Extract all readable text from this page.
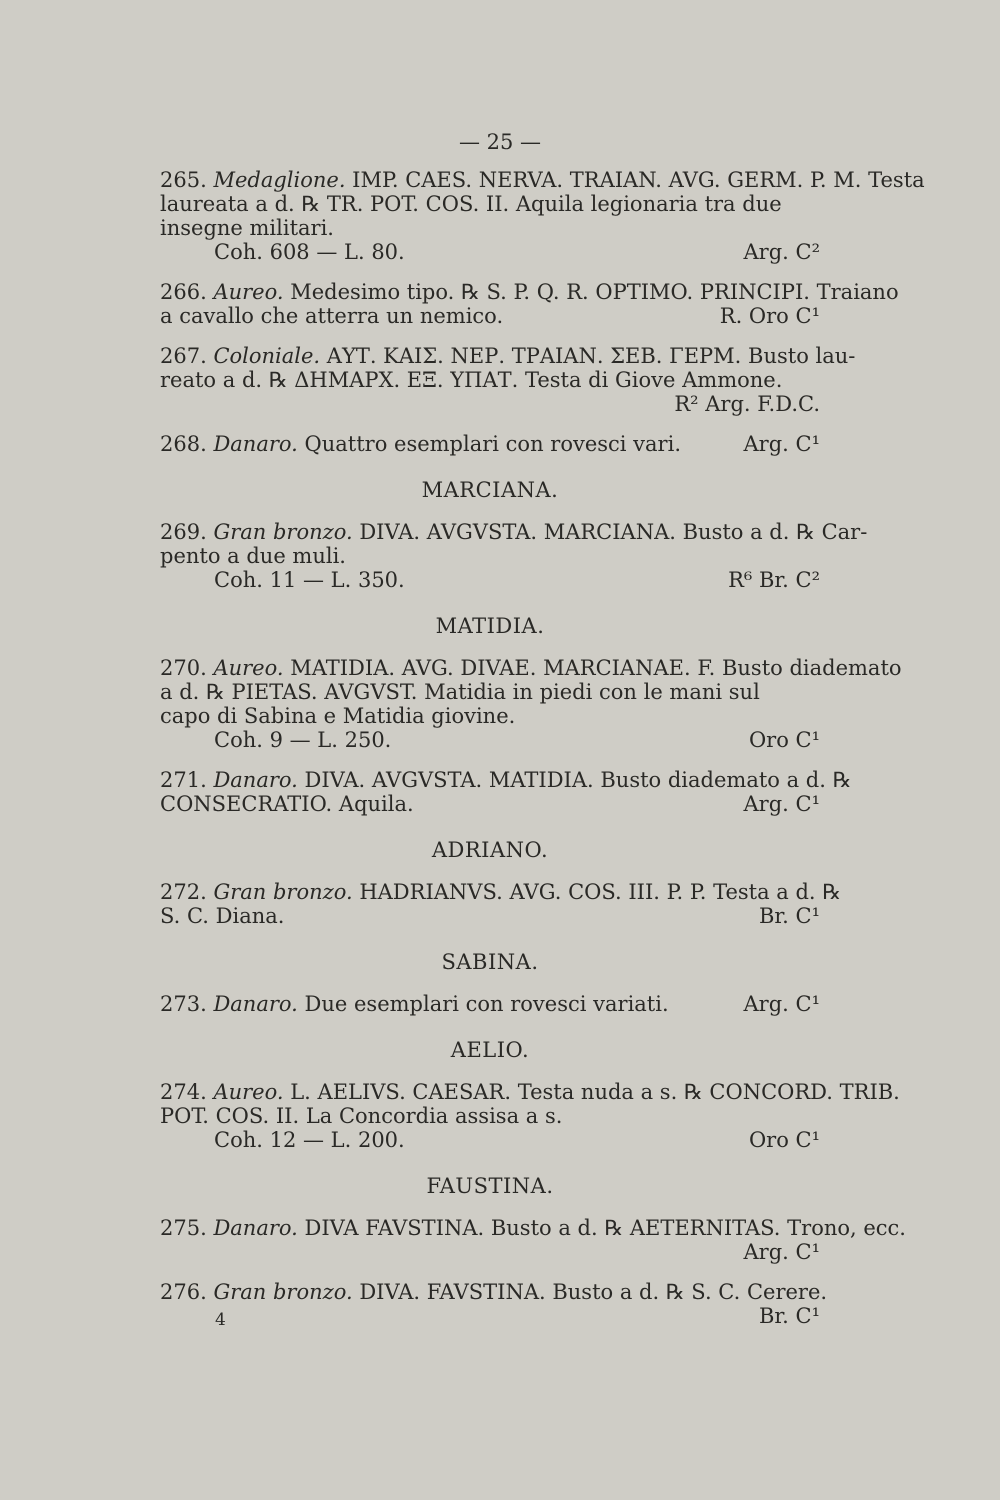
— 25 —
265. Medaglione. IMP. CAES. NERVA. TRAIAN. AVG. GERM. P. M. Testa
laureata a d. ℞ TR. POT. COS. II. Aquila legionaria tra due
insegne militari.
Coh. 608 — L. 80.	Arg. C²
266. Aureo. Medesimo tipo. ℞ S. P. Q. R. OPTIMO. PRINCIPI. Traiano
a cavallo che atterra un nemico.	R. Oro C¹
267. Coloniale. ΑΥΤ. ΚΑΙΣ. ΝΕΡ. ΤΡΑΙΑΝ. ΣΕΒ. ΓΕΡΜ. Busto lau-
reato a d. ℞ ΔΗΜΑΡΧ. ΕΞ. ΥΠΑΤ. Testa di Giove Ammone.

R² Arg. F.D.C.
268. Danaro. Quattro esemplari con rovesci vari.	Arg. C¹
MARCIANA.
269. Gran bronzo. DIVA. AVGVSTA. MARCIANA. Busto a d. ℞ Car-
pento a due muli.
Coh. 11 — L. 350.	R⁶ Br. C²
MATIDIA.
270. Aureo. MATIDIA. AVG. DIVAE. MARCIANAE. F. Busto diademato
a d. ℞ PIETAS. AVGVST. Matidia in piedi con le mani sul
capo di Sabina e Matidia giovine.
Coh. 9 — L. 250.	Oro C¹
271. Danaro. DIVA. AVGVSTA. MATIDIA. Busto diademato a d. ℞
CONSECRATIO. Aquila.	Arg. C¹
ADRIANO.
272. Gran bronzo. HADRIANVS. AVG. COS. III. P. P. Testa a d. ℞
S. C. Diana.	Br. C¹
SABINA.
273. Danaro. Due esemplari con rovesci variati.	Arg. C¹
AELIO.
274. Aureo. L. AELIVS. CAESAR. Testa nuda a s. ℞ CONCORD. TRIB.
POT. COS. II. La Concordia assisa a s.
Coh. 12 — L. 200.	Oro C¹
FAUSTINA.
275. Danaro. DIVA FAVSTINA. Busto a d. ℞ AETERNITAS. Trono, ecc.

Arg. C¹
276. Gran bronzo. DIVA. FAVSTINA. Busto a d. ℞ S. C. Cerere.

Br. C¹
4
